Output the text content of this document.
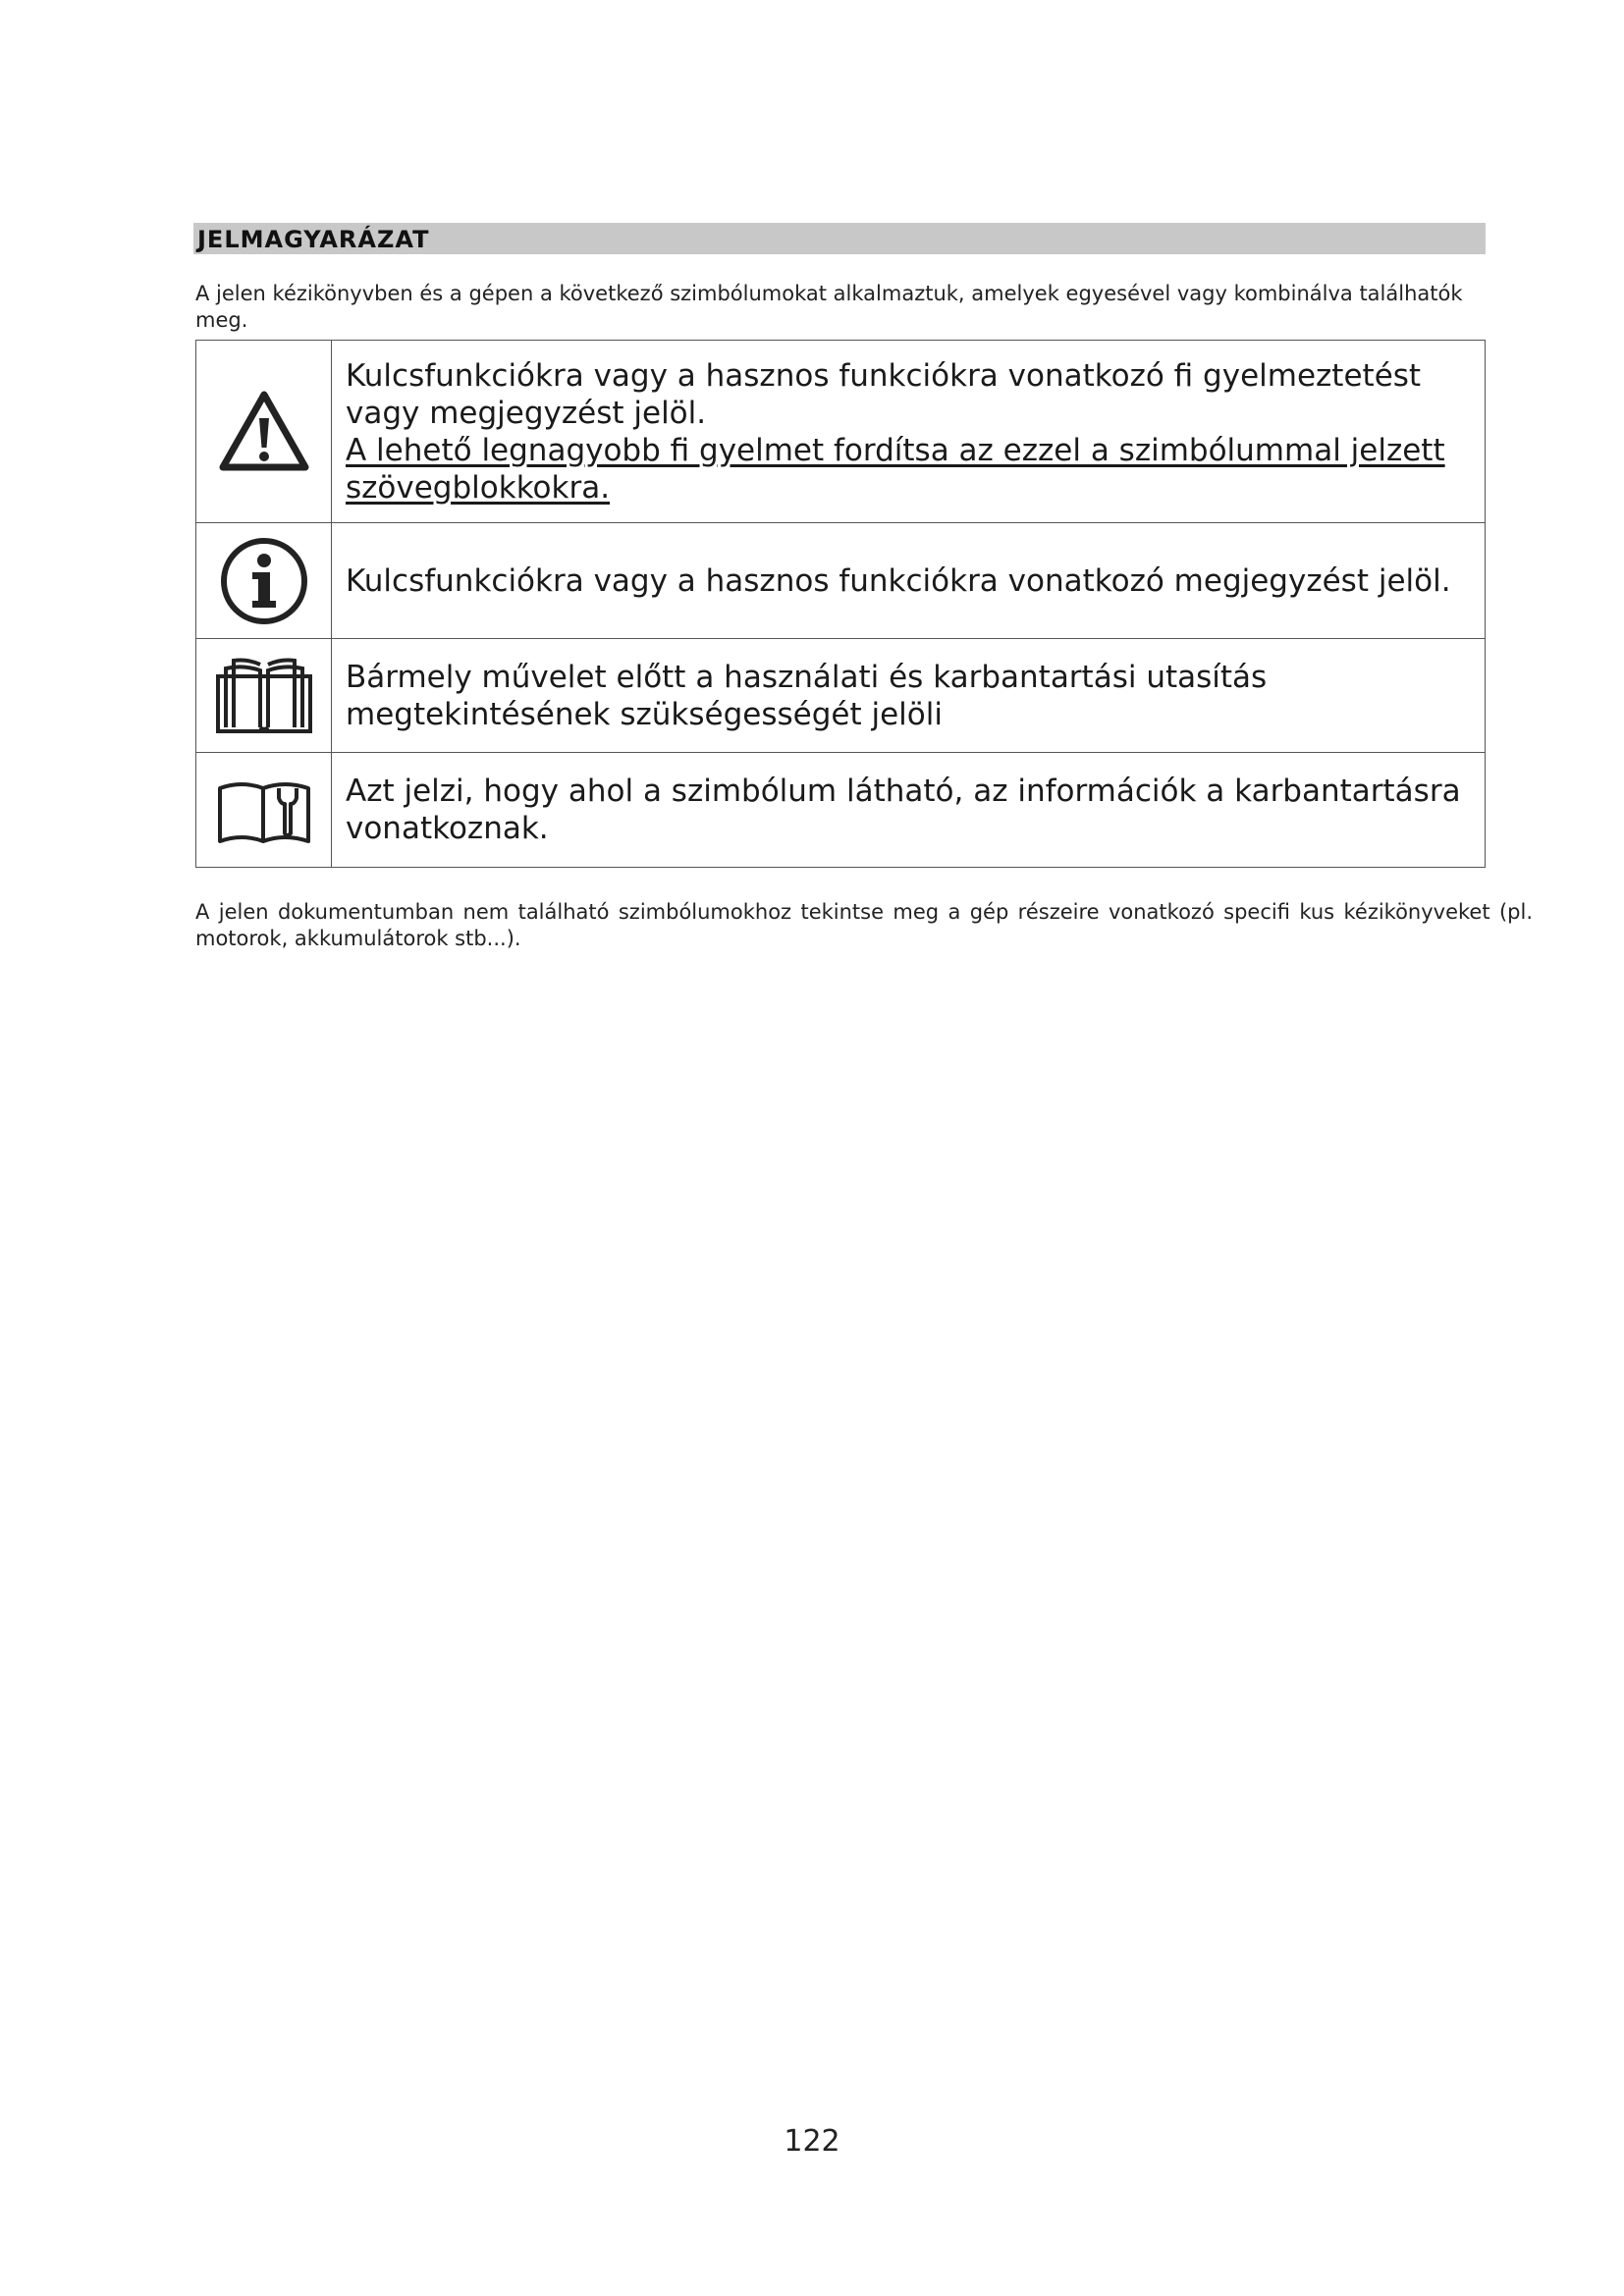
JELMAGYARÁZAT
A jelen kézikönyvben és a gépen a következő szimbólumokat alkalmaztuk, amelyek egyesével vagy kombinálva találhatók meg.

Kulcsfunkciókra vagy a hasznos funkciókra vonatkozó fi gyelmeztetést vagy megjegyzést jelöl.
A lehető legnagyobb fi gyelmet fordítsa az ezzel a szimbólummal jelzett szövegblokkokra.

Kulcsfunkciókra vagy a hasznos funkciókra vonatkozó megjegyzést jelöl.

Bármely művelet előtt a használati és karbantartási utasítás megtekintésének szükségességét jelöli

Azt jelzi, hogy ahol a szimbólum látható, az információk a karbantartásra vonatkoznak.
A jelen dokumentumban nem található szimbólumokhoz tekintse meg a gép részeire vonatkozó specifi kus kézikönyveket (pl. motorok, akkumulátorok stb...).
122
